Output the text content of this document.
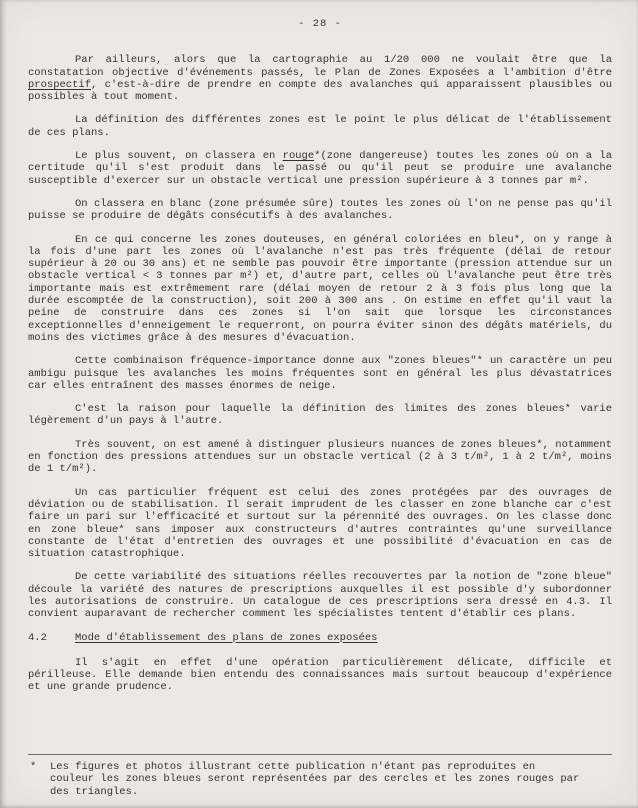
- 28 -

Par ailleurs, alors que la cartographie au 1/20 000 ne voulait être que la constatation objective d'événements passés, le Plan de Zones Exposées a l'ambition d'être prospectif, c'est-à-dire de prendre en compte des avalanches qui apparaissent plausibles ou possibles à tout moment.

La définition des différentes zones est le point le plus délicat de l'établissement de ces plans.

Le plus souvent, on classera en rouge*(zone dangereuse) toutes les zones où on a la certitude qu'il s'est produit dans le passé ou qu'il peut se produire une avalanche susceptible d'exercer sur un obstacle vertical une pression supérieure à 3 tonnes par m².

On classera en blanc (zone présumée sûre) toutes les zones où l'on ne pense pas qu'il puisse se produire de dégâts consécutifs à des avalanches.

En ce qui concerne les zones douteuses, en général coloriées en bleu*, on y range à la fois d'une part les zones où l'avalanche n'est pas très fréquente (délai de retour supérieur à 20 ou 30 ans) et ne semble pas pouvoir être importante (pression attendue sur un obstacle vertical < 3 tonnes par m²) et, d'autre part, celles où l'avalanche peut être très importante mais est extrêmement rare (délai moyen de retour 2 à 3 fois plus long que la durée escomptée de la construction), soit 200 à 300 ans . On estime en effet qu'il vaut la peine de construire dans ces zones si l'on sait que lorsque les circonstances exceptionnelles d'enneigement le requerront, on pourra éviter sinon des dégâts matériels, du moins des victimes grâce à des mesures d'évacuation.

Cette combinaison fréquence-importance donne aux "zones bleues"* un caractère un peu ambigu puisque les avalanches les moins fréquentes sont en général les plus dévastatrices car elles entraînent des masses énormes de neige.

C'est la raison pour laquelle la définition des limites des zones bleues* varie légèrement d'un pays à l'autre.

Très souvent, on est amené à distinguer plusieurs nuances de zones bleues*, notamment en fonction des pressions attendues sur un obstacle vertical (2 à 3 t/m², 1 à 2 t/m², moins de 1 t/m²).

Un cas particulier fréquent est celui des zones protégées par des ouvrages de déviation ou de stabilisation. Il serait imprudent de les classer en zone blanche car c'est faire un pari sur l'efficacité et surtout sur la pérennité des ouvrages. On les classe donc en zone bleue* sans imposer aux constructeurs d'autres contraintes qu'une surveillance constante de l'état d'entretien des ouvrages et une possibilité d'évacuation en cas de situation catastrophique.

De cette variabilité des situations réelles recouvertes par la notion de "zone bleue" découle la variété des natures de prescriptions auxquelles il est possible d'y subordonner les autorisations de construire. Un catalogue de ces prescriptions sera dressé en 4.3. Il convient auparavant de rechercher comment les spécialistes tentent d'établir ces plans.

4.2	Mode d'établissement des plans de zones exposées

Il s'agit en effet d'une opération particulièrement délicate, difficile et périlleuse. Elle demande bien entendu des connaissances mais surtout beaucoup d'expérience et une grande prudence.

*	Les figures et photos illustrant cette publication n'étant pas reproduites en couleur les zones bleues seront représentées par des cercles et les zones rouges par des triangles.
